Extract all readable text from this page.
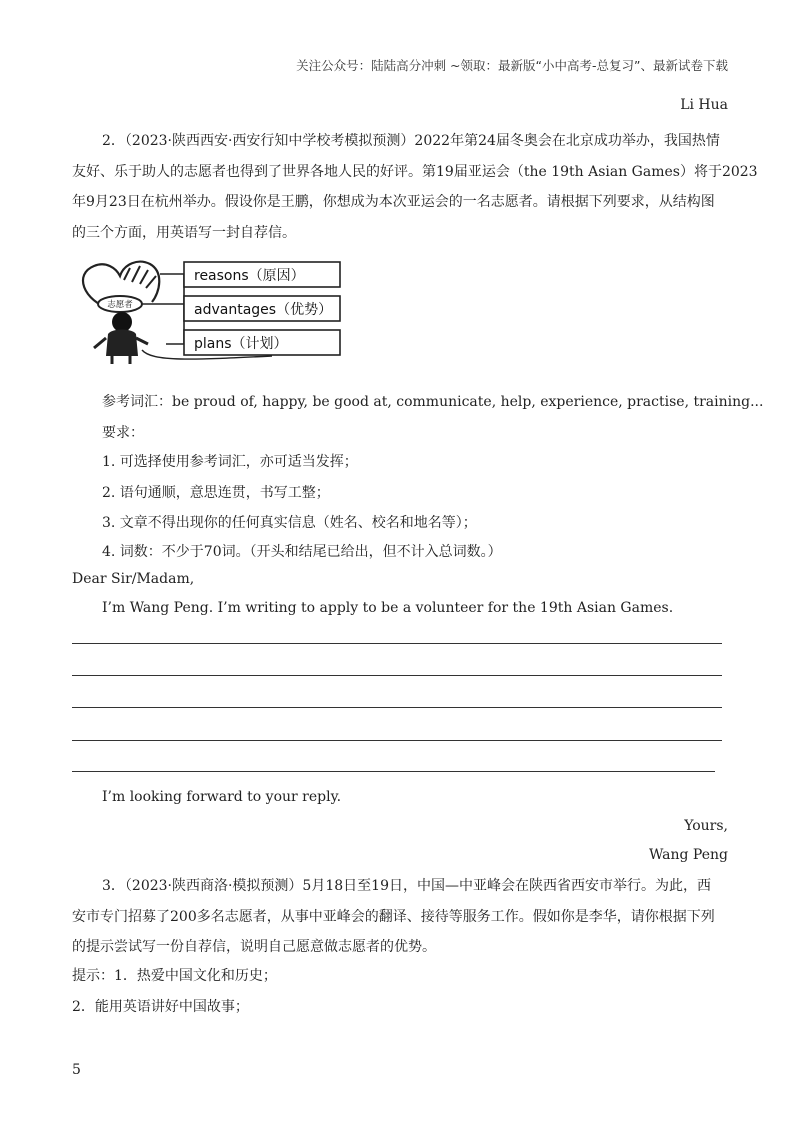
关注公众号：陆陆高分冲刺 ~领取：最新版“小中高考-总复习”、最新试卷下载
Li Hua
2．（2023·陕西西安·西安行知中学校考模拟预测）2022年第24届冬奥会在北京成功举办，我国热情
友好、乐于助人的志愿者也得到了世界各地人民的好评。第19届亚运会（the 19th Asian Games）将于2023
年9月23日在杭州举办。假设你是王鹏，你想成为本次亚运会的一名志愿者。请根据下列要求，从结构图
的三个方面，用英语写一封自荐信。
志愿者
reasons（原因）
advantages（优势）
plans（计划）
参考词汇：be proud of, happy, be good at, communicate, help, experience, practise, training...
要求：
1. 可选择使用参考词汇，亦可适当发挥；
2. 语句通顺，意思连贯，书写工整；
3. 文章不得出现你的任何真实信息（姓名、校名和地名等）；
4. 词数：不少于70词。（开头和结尾已给出，但不计入总词数。）
Dear Sir/Madam,
I’m Wang Peng. I’m writing to apply to be a volunteer for the 19th Asian Games.
I’m looking forward to your reply.
Yours,
Wang Peng
3．（2023·陕西商洛·模拟预测）5月18日至19日，中国—中亚峰会在陕西省西安市举行。为此，西
安市专门招募了200多名志愿者，从事中亚峰会的翻译、接待等服务工作。假如你是李华，请你根据下列
的提示尝试写一份自荐信，说明自己愿意做志愿者的优势。
提示：1．热爱中国文化和历史；
2．能用英语讲好中国故事；
5
